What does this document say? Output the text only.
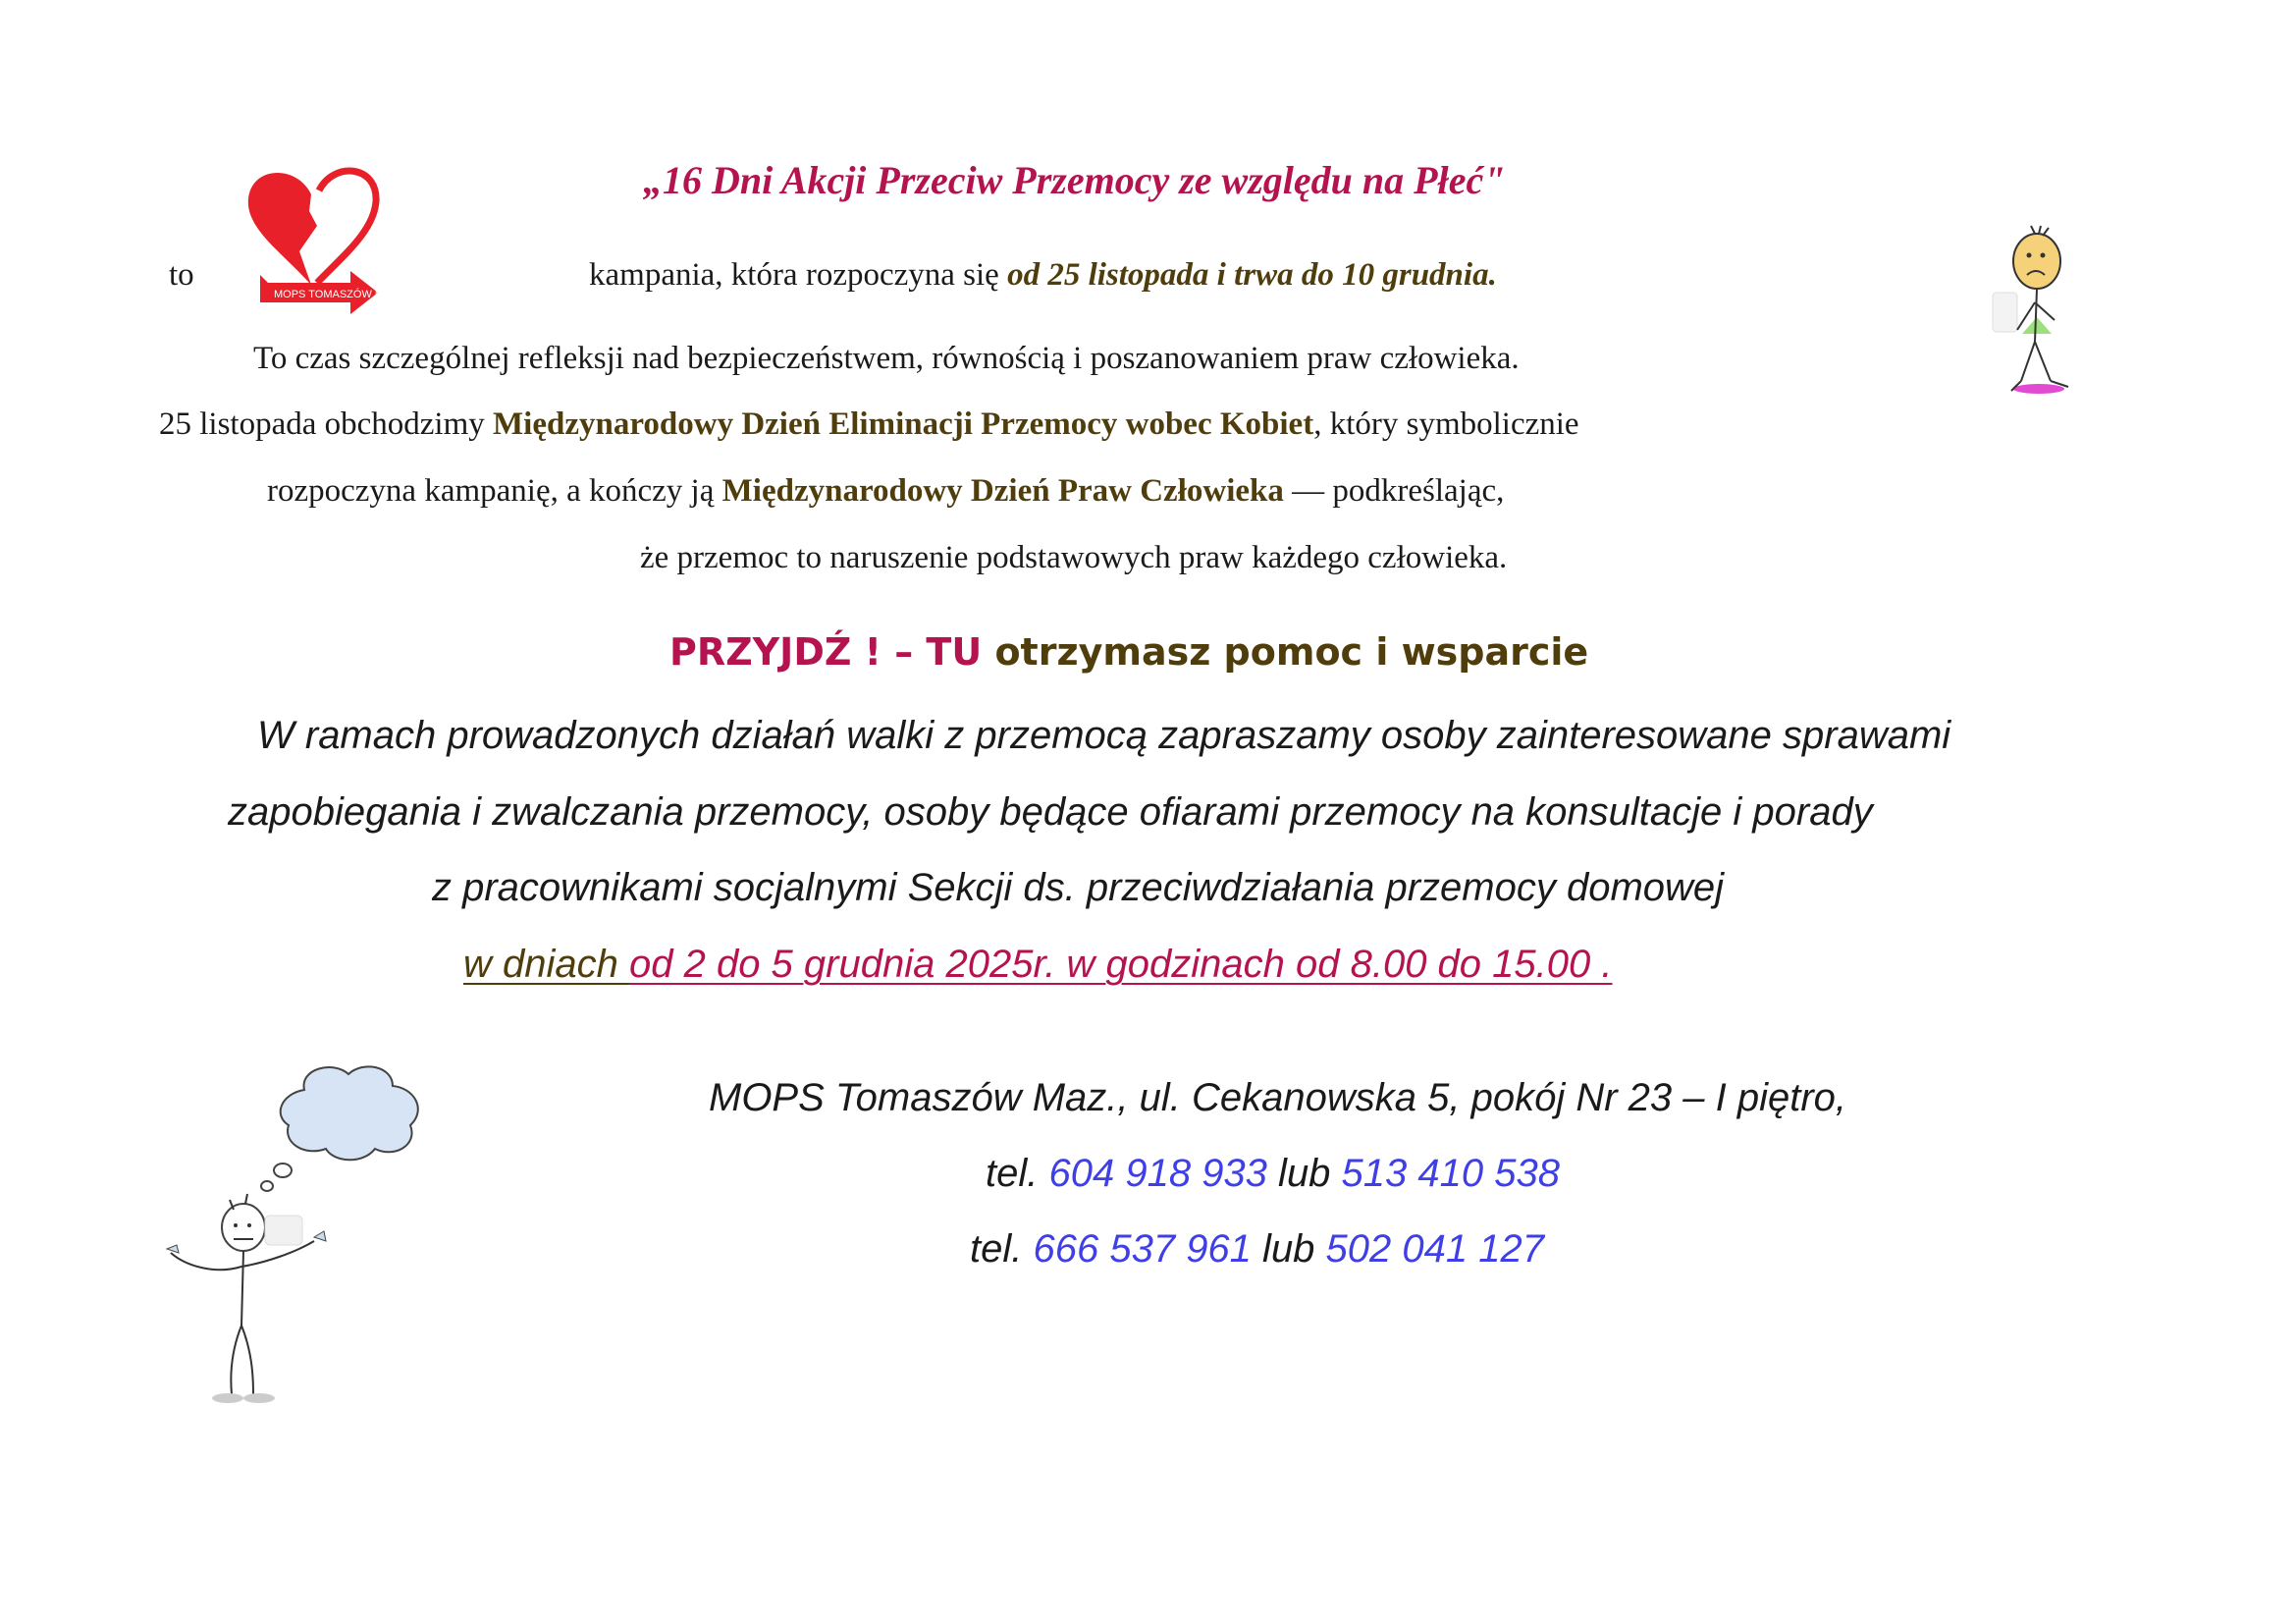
„16 Dni Akcji Przeciw Przemocy ze względu na Płeć"
to
MOPS TOMASZÓW MAZ
kampania, która rozpoczyna się od 25 listopada i trwa do 10 grudnia.
To czas szczególnej refleksji nad bezpieczeństwem, równością i poszanowaniem praw człowieka.
25 listopada obchodzimy Międzynarodowy Dzień Eliminacji Przemocy wobec Kobiet, który symbolicznie
rozpoczyna kampanię, a kończy ją Międzynarodowy Dzień Praw Człowieka — podkreślając,
że przemoc to naruszenie podstawowych praw każdego człowieka.
PRZYJDŹ ! – TU otrzymasz pomoc i wsparcie
W ramach prowadzonych działań walki z przemocą zapraszamy osoby zainteresowane sprawami
zapobiegania i zwalczania przemocy, osoby będące ofiarami przemocy na konsultacje i porady
z pracownikami socjalnymi Sekcji ds. przeciwdziałania przemocy domowej
w dniach od 2 do 5 grudnia 2025r. w godzinach od 8.00 do 15.00 .
MOPS Tomaszów Maz., ul. Cekanowska 5, pokój Nr 23 – I piętro,
tel. 604 918 933 lub 513 410 538
tel. 666 537 961 lub 502 041 127
